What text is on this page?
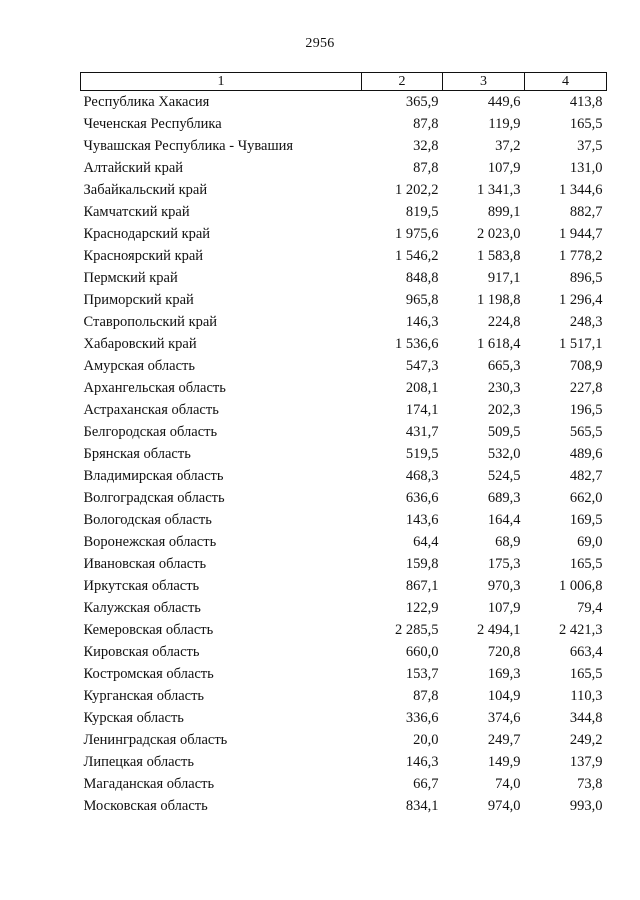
2956
1	2	3	4
Республика Хакасия	365,9	449,6	413,8
Чеченская Республика	87,8	119,9	165,5
Чувашская Республика - Чувашия	32,8	37,2	37,5
Алтайский край	87,8	107,9	131,0
Забайкальский край	1 202,2	1 341,3	1 344,6
Камчатский край	819,5	899,1	882,7
Краснодарский край	1 975,6	2 023,0	1 944,7
Красноярский край	1 546,2	1 583,8	1 778,2
Пермский край	848,8	917,1	896,5
Приморский край	965,8	1 198,8	1 296,4
Ставропольский край	146,3	224,8	248,3
Хабаровский край	1 536,6	1 618,4	1 517,1
Амурская область	547,3	665,3	708,9
Архангельская область	208,1	230,3	227,8
Астраханская область	174,1	202,3	196,5
Белгородская область	431,7	509,5	565,5
Брянская область	519,5	532,0	489,6
Владимирская область	468,3	524,5	482,7
Волгоградская область	636,6	689,3	662,0
Вологодская область	143,6	164,4	169,5
Воронежская область	64,4	68,9	69,0
Ивановская область	159,8	175,3	165,5
Иркутская область	867,1	970,3	1 006,8
Калужская область	122,9	107,9	79,4
Кемеровская область	2 285,5	2 494,1	2 421,3
Кировская область	660,0	720,8	663,4
Костромская область	153,7	169,3	165,5
Курганская область	87,8	104,9	110,3
Курская область	336,6	374,6	344,8
Ленинградская область	20,0	249,7	249,2
Липецкая область	146,3	149,9	137,9
Магаданская область	66,7	74,0	73,8
Московская область	834,1	974,0	993,0
